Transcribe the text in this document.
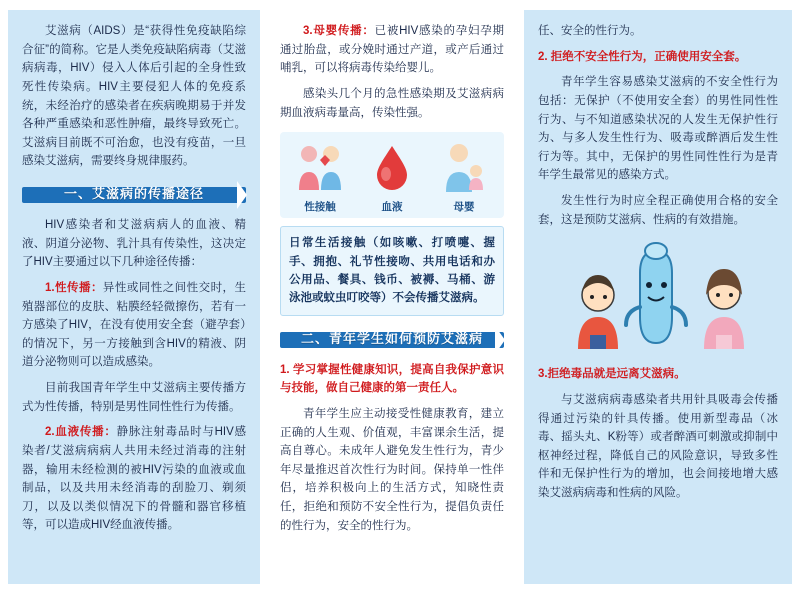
艾滋病（AIDS）是“获得性免疫缺陷综合征”的简称。它是人类免疫缺陷病毒（艾滋病病毒，HIV）侵入人体后引起的全身性致死性传染病。HIV主要侵犯人体的免疫系统，未经治疗的感染者在疾病晚期易于并发各种严重感染和恶性肿瘤，最终导致死亡。艾滋病目前既不可治愈，也没有疫苗，一旦感染艾滋病，需要终身规律服药。

一、艾滋病的传播途径

HIV感染者和艾滋病病人的血液、精液、阴道分泌物、乳汁具有传染性，这决定了HIV主要通过以下几种途径传播：

1.性传播：异性或同性之间性交时，生殖器部位的皮肤、粘膜经轻微擦伤，若有一方感染了HIV，在没有使用安全套（避孕套）的情况下，另一方接触到含HIV的精液、阴道分泌物则可以造成感染。

目前我国青年学生中艾滋病主要传播方式为性传播，特别是男性同性性行为传播。

2.血液传播：静脉注射毒品时与HIV感染者/艾滋病病病人共用未经过消毒的注射器，输用未经检测的被HIV污染的血液或血制品，以及共用未经消毒的刮脸刀、剃须刀，以及以类似情况下的骨髓和器官移植等，可以造成HIV经血液传播。

3.母婴传播：已被HIV感染的孕妇孕期通过胎盘，或分娩时通过产道，或产后通过哺乳，可以将病毒传染给婴儿。

感染头几个月的急性感染期及艾滋病病期血液病毒量高，传染性强。

性接触	血液	母婴

日常生活接触（如咳嗽、打喷嚏、握手、拥抱、礼节性接吻、共用电话和办公用品、餐具、钱币、被褥、马桶、游泳池或蚊虫叮咬等）不会传播艾滋病。

二、青年学生如何预防艾滋病

1. 学习掌握性健康知识，提高自我保护意识与技能，做自己健康的第一责任人。

青年学生应主动接受性健康教育，建立正确的人生观、价值观，丰富课余生活，提高自尊心。未成年人避免发生性行为，青少年尽量推迟首次性行为时间。保持单一性伴侣，培养积极向上的生活方式，知晓性责任，拒绝和预防不安全性行为，提倡负责任的性行为，安全的性行为。

任、安全的性行为。

2. 拒绝不安全性行为，正确使用安全套。

青年学生容易感染艾滋病的不安全性行为包括：无保护（不使用安全套）的男性同性性行为、与不知道感染状况的人发生无保护性行为、与多人发生性行为、吸毒或醉酒后发生性行为等。其中，无保护的男性同性性行为是青年学生最常见的感染方式。

发生性行为时应全程正确使用合格的安全套，这是预防艾滋病、性病的有效措施。

3.拒绝毒品就是远离艾滋病。

与艾滋病病毒感染者共用针具吸毒会传播得通过污染的针具传播。使用新型毒品（冰毒、摇头丸、K粉等）或者醉酒可刺激或抑制中枢神经过程，降低自己的风险意识，导致多性伴和无保护性行为的增加，也会间接地增大感染艾滋病病毒和性病的风险。
